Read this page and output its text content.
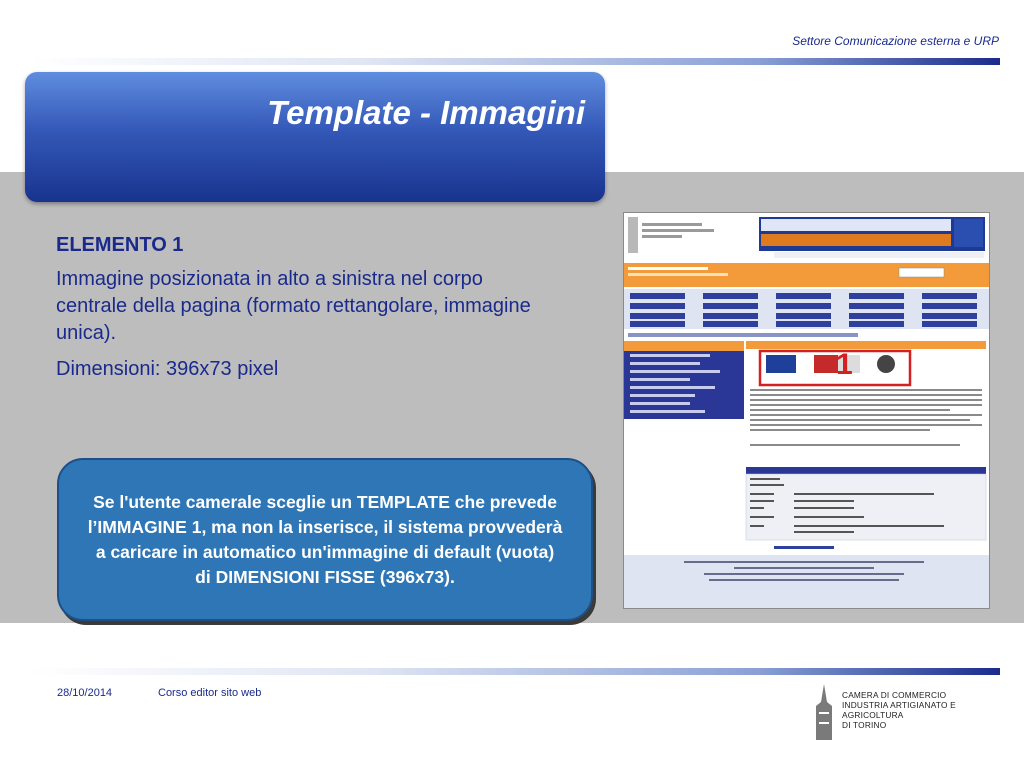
Settore Comunicazione esterna e URP
Template - Immagini
ELEMENTO 1
Immagine posizionata in alto a sinistra nel corpo centrale della pagina (formato rettangolare, immagine unica).
Dimensioni: 396x73 pixel
Se l'utente camerale sceglie un TEMPLATE che prevede l’IMMAGINE 1, ma non la inserisce, il sistema provvederà a caricare in automatico un'immagine di default (vuota) di DIMENSIONI FISSE (396x73).
1
28/10/2014	Corso editor sito web	CAMERA DI COMMERCIO
INDUSTRIA ARTIGIANATO E AGRICOLTURA
DI TORINO
